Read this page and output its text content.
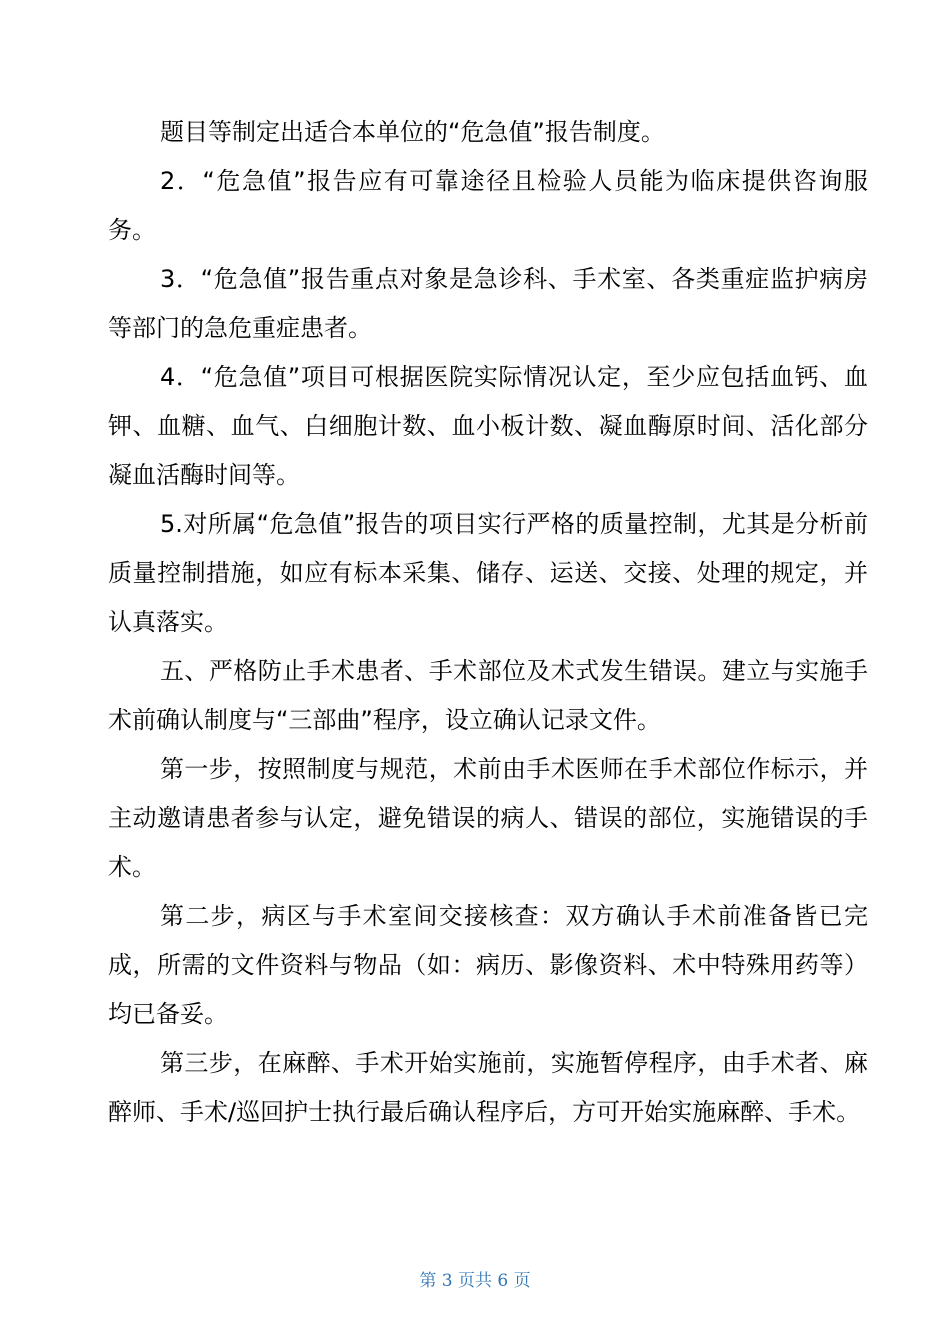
题目等制定出适合本单位的“危急值”报告制度。

2．“危急值”报告应有可靠途径且检验人员能为临床提供咨询服务。

3．“危急值”报告重点对象是急诊科、手术室、各类重症监护病房等部门的急危重症患者。

4．“危急值”项目可根据医院实际情况认定，至少应包括血钙、血钾、血糖、血气、白细胞计数、血小板计数、凝血酶原时间、活化部分凝血活酶时间等。

5.对所属“危急值”报告的项目实行严格的质量控制，尤其是分析前质量控制措施，如应有标本采集、储存、运送、交接、处理的规定，并认真落实。

五、严格防止手术患者、手术部位及术式发生错误。建立与实施手术前确认制度与“三部曲”程序，设立确认记录文件。

第一步，按照制度与规范，术前由手术医师在手术部位作标示，并主动邀请患者参与认定，避免错误的病人、错误的部位，实施错误的手术。

第二步，病区与手术室间交接核查：双方确认手术前准备皆已完成，所需的文件资料与物品（如：病历、影像资料、术中特殊用药等）均已备妥。

第三步，在麻醉、手术开始实施前，实施暂停程序，由手术者、麻醉师、手术/巡回护士执行最后确认程序后，方可开始实施麻醉、手术。

第 3 页共 6 页
